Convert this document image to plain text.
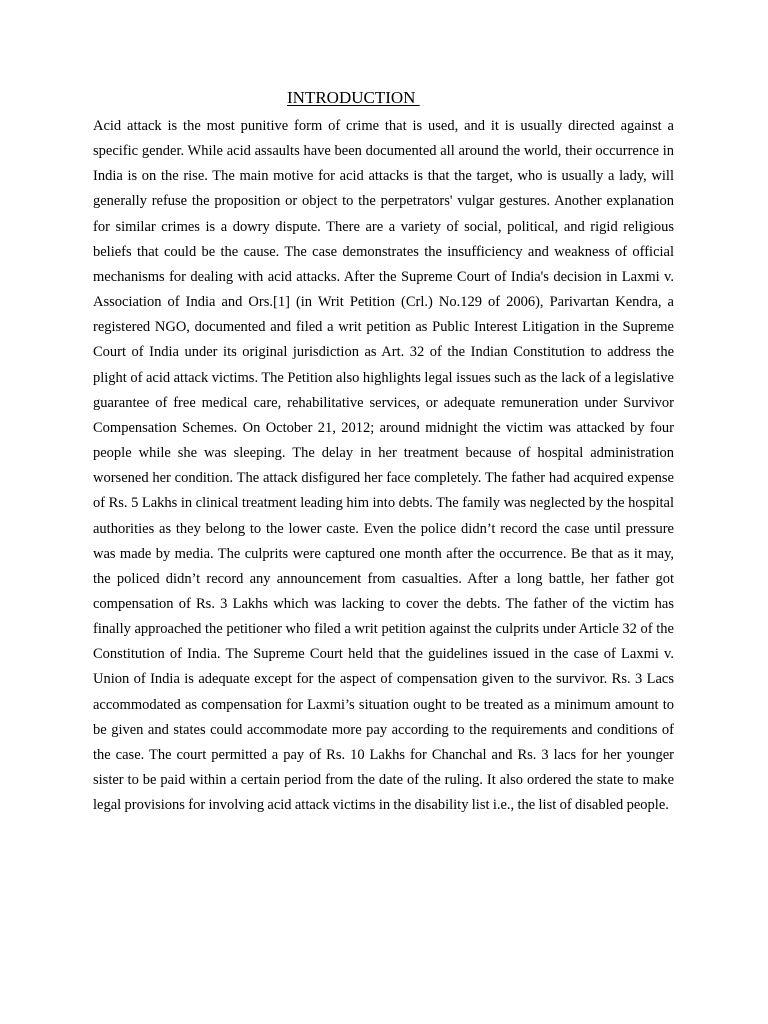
INTRODUCTION

Acid attack is the most punitive form of crime that is used, and it is usually directed against a specific gender. While acid assaults have been documented all around the world, their occurrence in India is on the rise. The main motive for acid attacks is that the target, who is usually a lady, will generally refuse the proposition or object to the perpetrators' vulgar gestures. Another explanation for similar crimes is a dowry dispute. There are a variety of social, political, and rigid religious beliefs that could be the cause. The case demonstrates the insufficiency and weakness of official mechanisms for dealing with acid attacks. After the Supreme Court of India's decision in Laxmi v. Association of India and Ors.[1] (in Writ Petition (Crl.) No.129 of 2006), Parivartan Kendra, a registered NGO, documented and filed a writ petition as Public Interest Litigation in the Supreme Court of India under its original jurisdiction as Art. 32 of the Indian Constitution to address the plight of acid attack victims. The Petition also highlights legal issues such as the lack of a legislative guarantee of free medical care, rehabilitative services, or adequate remuneration under Survivor Compensation Schemes. On October 21, 2012; around midnight the victim was attacked by four people while she was sleeping. The delay in her treatment because of hospital administration worsened her condition. The attack disfigured her face completely. The father had acquired expense of Rs. 5 Lakhs in clinical treatment leading him into debts. The family was neglected by the hospital authorities as they belong to the lower caste. Even the police didn’t record the case until pressure was made by media. The culprits were captured one month after the occurrence. Be that as it may, the policed didn’t record any announcement from casualties. After a long battle, her father got compensation of Rs. 3 Lakhs which was lacking to cover the debts. The father of the victim has finally approached the petitioner who filed a writ petition against the culprits under Article 32 of the Constitution of India. The Supreme Court held that the guidelines issued in the case of Laxmi v. Union of India is adequate except for the aspect of compensation given to the survivor. Rs. 3 Lacs accommodated as compensation for Laxmi’s situation ought to be treated as a minimum amount to be given and states could accommodate more pay according to the requirements and conditions of the case. The court permitted a pay of Rs. 10 Lakhs for Chanchal and Rs. 3 lacs for her younger sister to be paid within a certain period from the date of the ruling. It also ordered the state to make legal provisions for involving acid attack victims in the disability list i.e., the list of disabled people.
